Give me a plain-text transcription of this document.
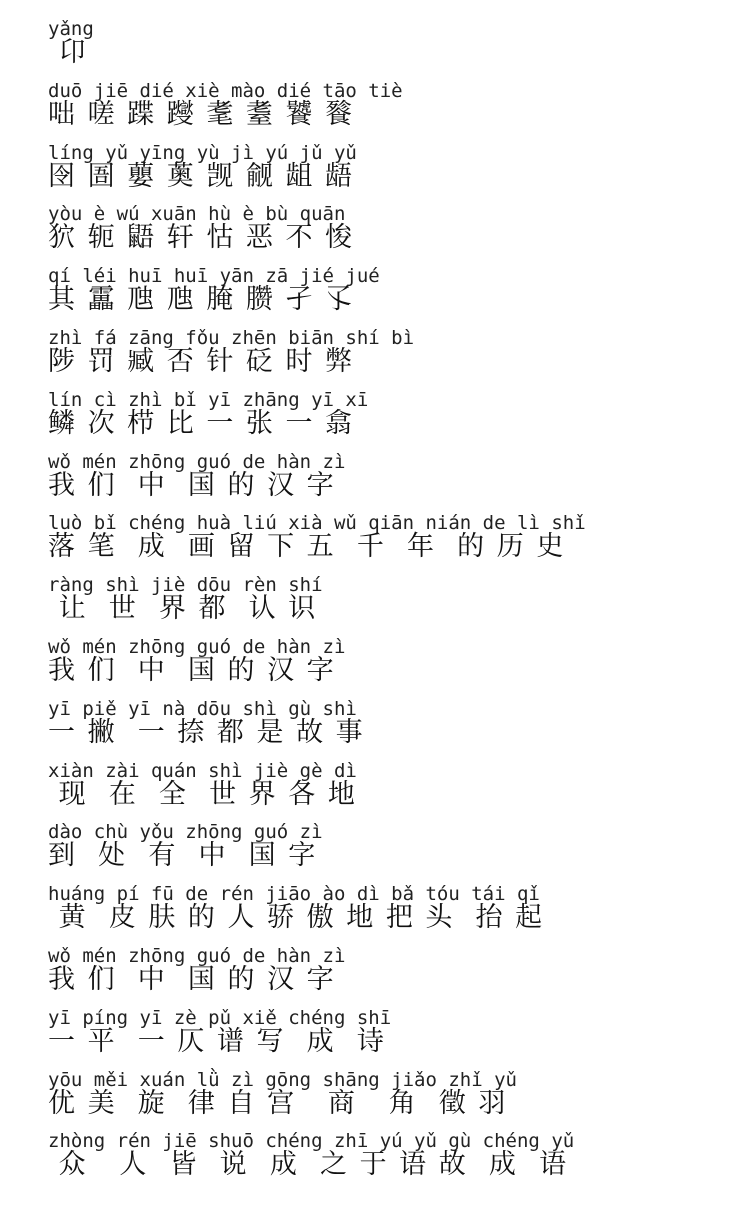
yǎng
卬
duō jiē dié xiè mào dié tāo tiè
咄 嗟 蹀 躞 耄 耋 饕 餮
líng yǔ yīng yù jì yú jǔ yǔ
囹 圄 蘡 薁 觊 觎 龃 龉
yòu è wú xuān hù è bù quān
狖 轭 鼯 轩 怙 恶 不 悛
qí léi huī huī yān zā jié jué
其 靁 虺 虺 腌 臜 孑 孓
zhì fá zāng fǒu zhēn biān shí bì
陟 罚 臧 否 针 砭 时 弊
lín cì zhì bǐ yī zhāng yī xī
鳞 次 栉 比 一 张 一 翕
wǒ mén zhōng guó de hàn zì
我 们  中  国 的 汉 字
luò bǐ chéng huà liú xià wǔ qiān nián de lì shǐ
落 笔  成  画 留 下 五  千  年  的 历 史
ràng shì jiè dōu rèn shí
让  世  界 都  认 识
wǒ mén zhōng guó de hàn zì
我 们  中  国 的 汉 字
yī piě yī nà dōu shì gù shì
一 撇  一 捺 都 是 故 事
xiàn zài quán shì jiè gè dì
现  在  全  世 界 各 地
dào chù yǒu zhōng guó zì
到  处  有  中  国 字
huáng pí fū de rén jiāo ào dì bǎ tóu tái qǐ
黄  皮 肤 的 人 骄 傲 地 把 头  抬 起
wǒ mén zhōng guó de hàn zì
我 们  中  国 的 汉 字
yī píng yī zè pǔ xiě chéng shī
一 平  一 仄 谱 写  成  诗
yōu měi xuán lǜ zì gōng shāng jiǎo zhǐ yǔ
优 美  旋  律 自 宫   商   角  徵 羽
zhòng rén jiē shuō chéng zhī yú yǔ gù chéng yǔ
众   人  皆  说  成  之 于 语 故  成  语
